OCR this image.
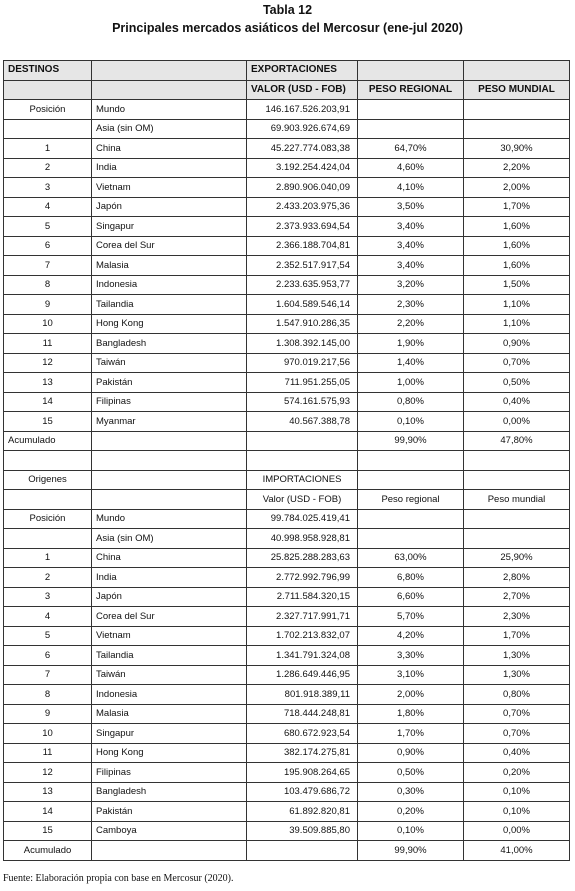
Tabla 12
Principales mercados asiáticos del Mercosur (ene-jul 2020)
DESTINOS		EXPORTACIONES		
		VALOR (USD - FOB)	PESO REGIONAL	PESO MUNDIAL
Posición	Mundo	146.167.526.203,91		
	Asia (sin OM)	69.903.926.674,69		
1	China	45.227.774.083,38	64,70%	30,90%
2	India	3.192.254.424,04	4,60%	2,20%
3	Vietnam	2.890.906.040,09	4,10%	2,00%
4	Japón	2.433.203.975,36	3,50%	1,70%
5	Singapur	2.373.933.694,54	3,40%	1,60%
6	Corea del Sur	2.366.188.704,81	3,40%	1,60%
7	Malasia	2.352.517.917,54	3,40%	1,60%
8	Indonesia	2.233.635.953,77	3,20%	1,50%
9	Tailandia	1.604.589.546,14	2,30%	1,10%
10	Hong Kong	1.547.910.286,35	2,20%	1,10%
11	Bangladesh	1.308.392.145,00	1,90%	0,90%
12	Taiwán	970.019.217,56	1,40%	0,70%
13	Pakistán	711.951.255,05	1,00%	0,50%
14	Filipinas	574.161.575,93	0,80%	0,40%
15	Myanmar	40.567.388,78	0,10%	0,00%
Acumulado			99,90%	47,80%

Origenes		IMPORTACIONES		
		Valor (USD - FOB)	Peso regional	Peso mundial
Posición	Mundo	99.784.025.419,41		
	Asia (sin OM)	40.998.958.928,81		
1	China	25.825.288.283,63	63,00%	25,90%
2	India	2.772.992.796,99	6,80%	2,80%
3	Japón	2.711.584.320,15	6,60%	2,70%
4	Corea del Sur	2.327.717.991,71	5,70%	2,30%
5	Vietnam	1.702.213.832,07	4,20%	1,70%
6	Tailandia	1.341.791.324,08	3,30%	1,30%
7	Taiwán	1.286.649.446,95	3,10%	1,30%
8	Indonesia	801.918.389,11	2,00%	0,80%
9	Malasia	718.444.248,81	1,80%	0,70%
10	Singapur	680.672.923,54	1,70%	0,70%
11	Hong Kong	382.174.275,81	0,90%	0,40%
12	Filipinas	195.908.264,65	0,50%	0,20%
13	Bangladesh	103.479.686,72	0,30%	0,10%
14	Pakistán	61.892.820,81	0,20%	0,10%
15	Camboya	39.509.885,80	0,10%	0,00%
Acumulado			99,90%	41,00%
Fuente: Elaboración propia con base en Mercosur (2020).
